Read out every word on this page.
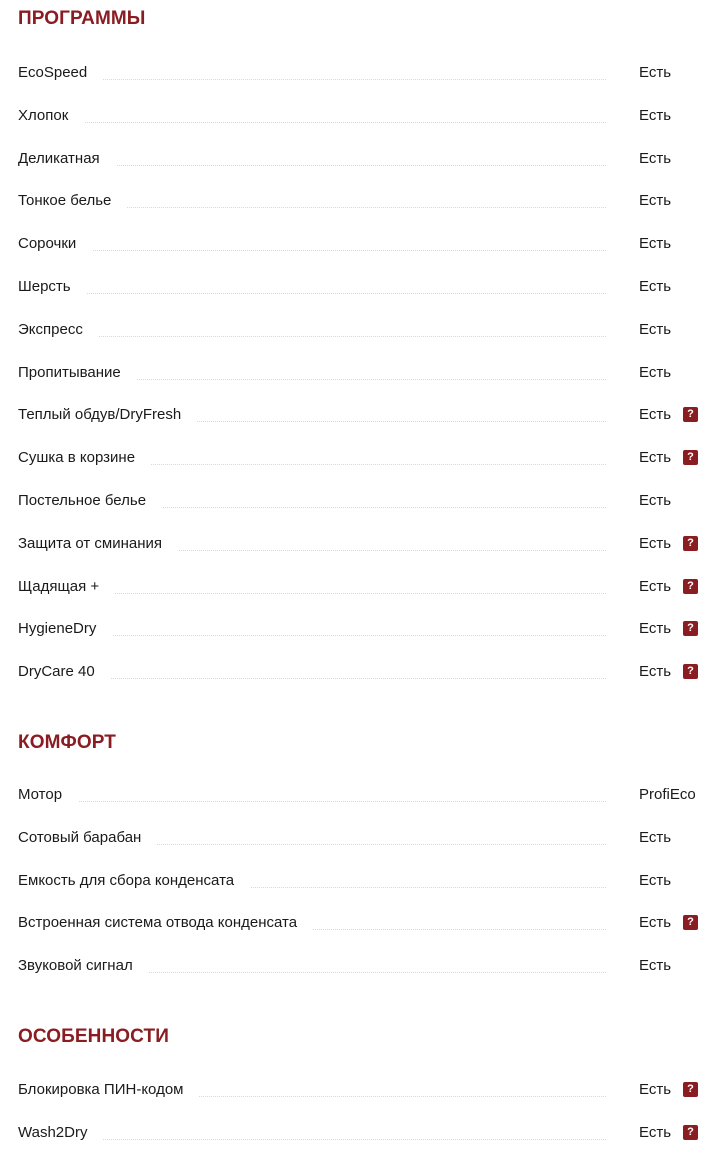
ПРОГРАММЫ
EcoSpeed	Есть
Хлопок	Есть
Деликатная	Есть
Тонкое белье	Есть
Сорочки	Есть
Шерсть	Есть
Экспресс	Есть
Пропитывание	Есть
Теплый обдув/DryFresh	Есть	?
Сушка в корзине	Есть	?
Постельное белье	Есть
Защита от сминания	Есть	?
Щадящая +	Есть	?
HygieneDry	Есть	?
DryCare 40	Есть	?
КОМФОРТ
Мотор	ProfiEco
Сотовый барабан	Есть
Емкость для сбора конденсата	Есть
Встроенная система отвода конденсата	Есть	?
Звуковой сигнал	Есть
ОСОБЕННОСТИ
Блокировка ПИН-кодом	Есть	?
Wash2Dry	Есть	?
